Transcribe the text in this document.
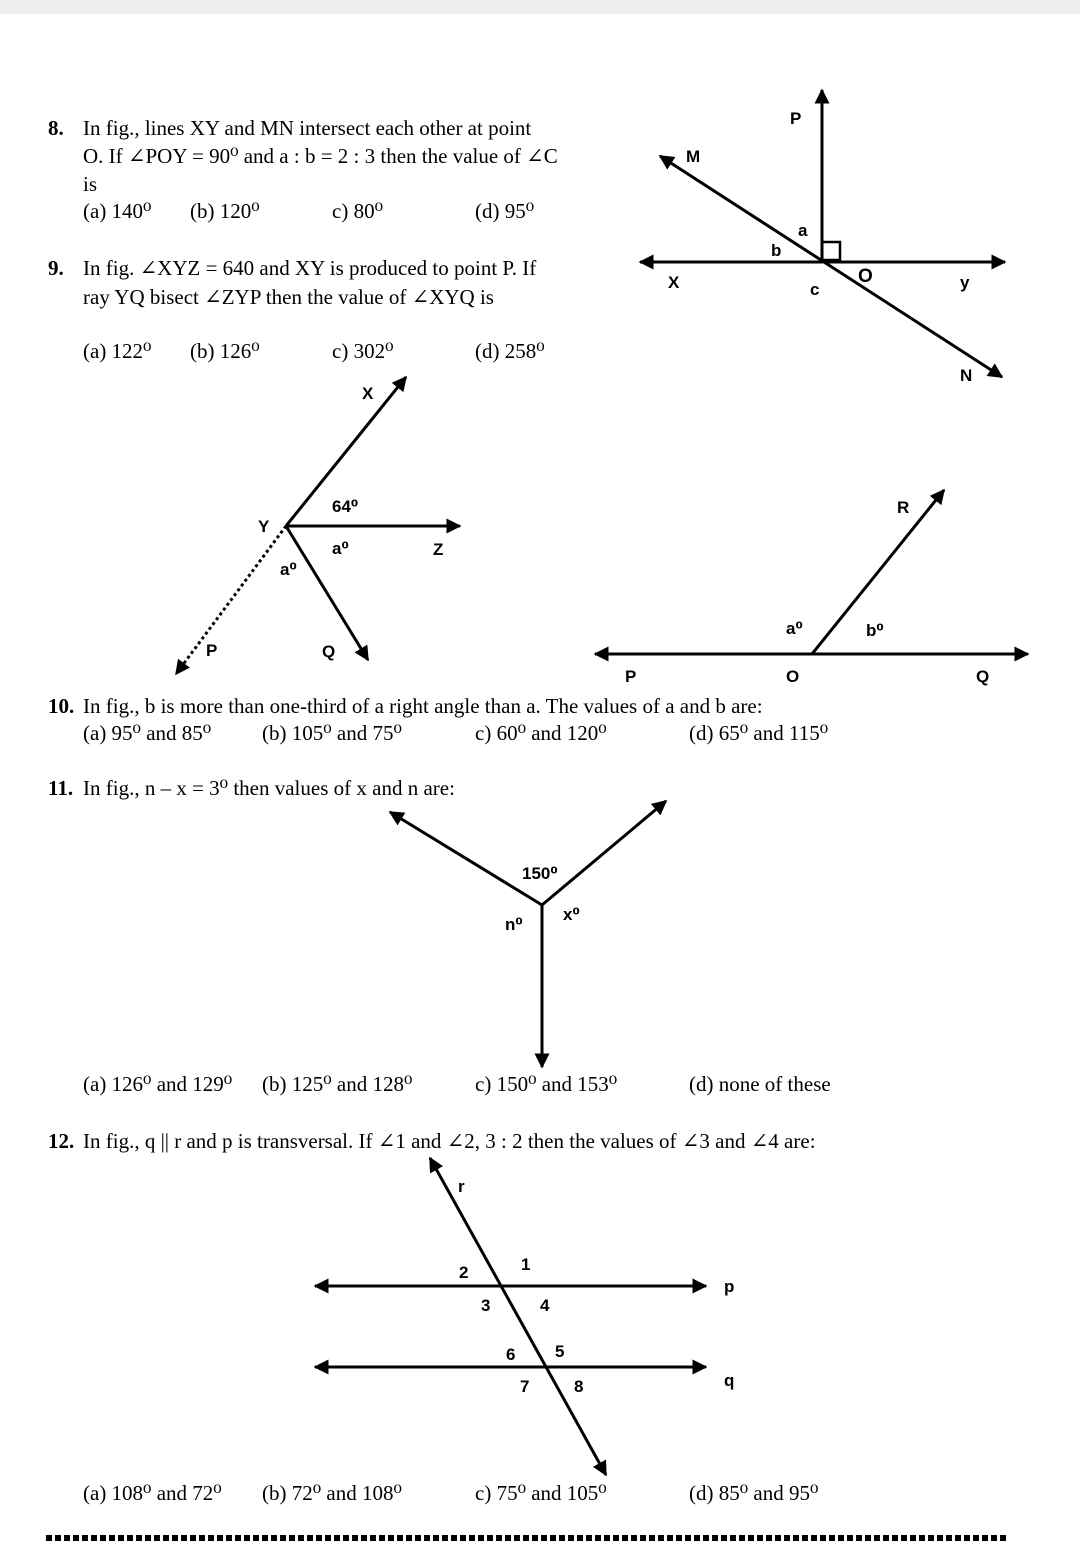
8. In fig., lines XY and MN intersect each other at point
O. If ∠POY = 90⁰ and a : b = 2 : 3 then the value of ∠C
is
(a) 140⁰ (b) 120⁰	c) 80⁰	(d) 95⁰
9. In fig. ∠XYZ = 640 and XY is produced to point P. If
ray YQ bisect ∠ZYP then the value of ∠XYQ is
(a) 122⁰ (b) 126⁰	c) 302⁰	(d) 258⁰
10. In fig., b is more than one-third of a right angle than a. The values of a and b are:
(a) 95⁰ and 85⁰ (b) 105⁰ and 75⁰	c) 60⁰ and 120⁰	(d) 65⁰ and 115⁰
11. In fig., n – x = 3⁰ then values of x and n are:
(a) 126⁰ and 129⁰ (b) 125⁰ and 128⁰	c) 150⁰ and 153⁰	(d) none of these
12. In fig., q || r and p is transversal. If ∠1 and ∠2, 3 : 2 then the values of ∠3 and ∠4 are:
(a) 108⁰ and 72⁰ (b) 72⁰ and 108⁰	c) 75⁰ and 105⁰	(d) 85⁰ and 95⁰
P
M
a
b
X	O	y
c
N
X
64⁰
Y
a⁰
a⁰
Z
P	Q
R
a⁰	b⁰
P	O	Q
150⁰
n⁰
x⁰
r
p
q
1
2
3	4
5
6
7	8
